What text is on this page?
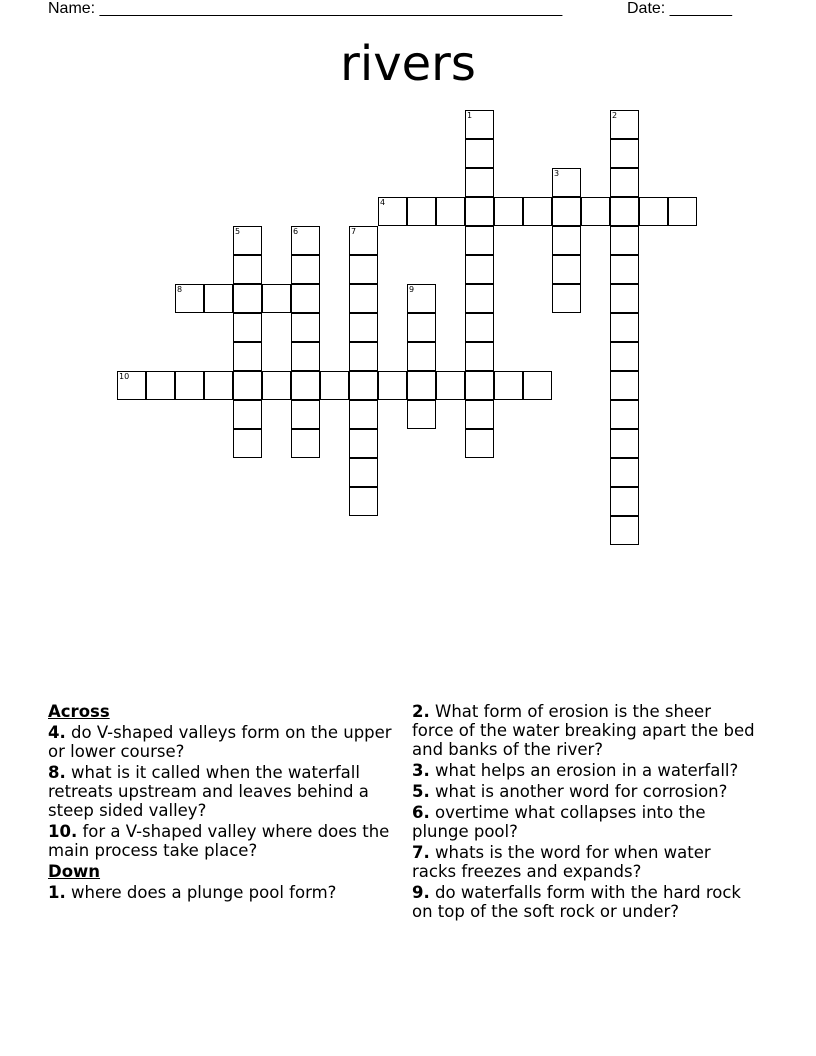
Name: ____________________________________________________	Date: _______
rivers
1	2
3
4
5	6	7
8	9
10
Across
4. do V-shaped valleys form on the upper or lower course?
8. what is it called when the waterfall retreats upstream and leaves behind a steep sided valley?
10. for a V-shaped valley where does the main process take place?
Down
1. where does a plunge pool form?
2. What form of erosion is the sheer force of the water breaking apart the bed and banks of the river?
3. what helps an erosion in a waterfall?
5. what is another word for corrosion?
6. overtime what collapses into the plunge pool?
7. whats is the word for when water racks freezes and expands?
9. do waterfalls form with the hard rock on top of the soft rock or under?
